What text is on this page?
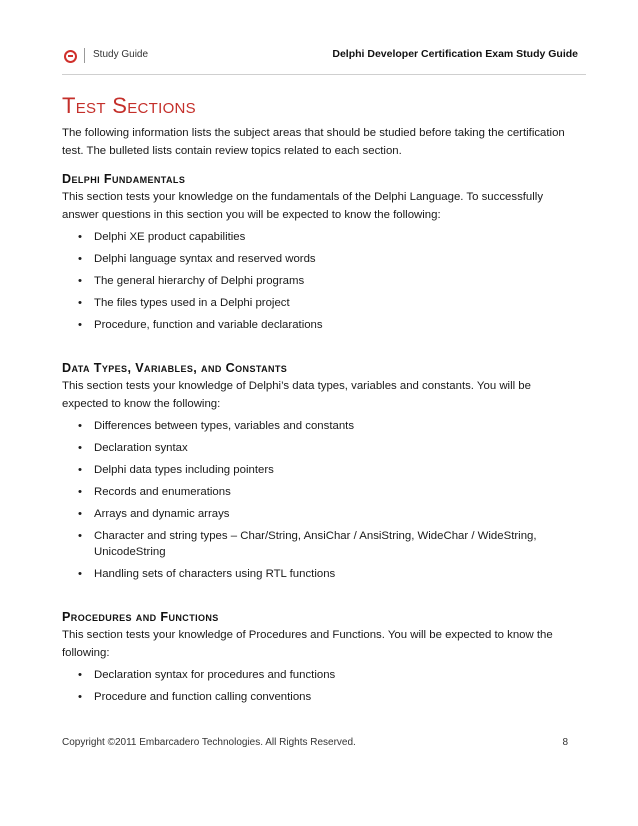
Study Guide	Delphi Developer Certification Exam Study Guide
Test Sections

The following information lists the subject areas that should be studied before taking the certification test. The bulleted lists contain review topics related to each section.

Delphi Fundamentals

This section tests your knowledge on the fundamentals of the Delphi Language. To successfully answer questions in this section you will be expected to know the following:

• Delphi XE product capabilities
• Delphi language syntax and reserved words
• The general hierarchy of Delphi programs
• The files types used in a Delphi project
• Procedure, function and variable declarations
Data Types, Variables, and Constants

This section tests your knowledge of Delphi’s data types, variables and constants. You will be expected to know the following:

• Differences between types, variables and constants
• Declaration syntax
• Delphi data types including pointers
• Records and enumerations
• Arrays and dynamic arrays
• Character and string types – Char/String, AnsiChar / AnsiString, WideChar / WideString, UnicodeString
• Handling sets of characters using RTL functions
Procedures and Functions

This section tests your knowledge of Procedures and Functions. You will be expected to know the following:

• Declaration syntax for procedures and functions
• Procedure and function calling conventions
Copyright ©2011 Embarcadero Technologies. All Rights Reserved.	8
